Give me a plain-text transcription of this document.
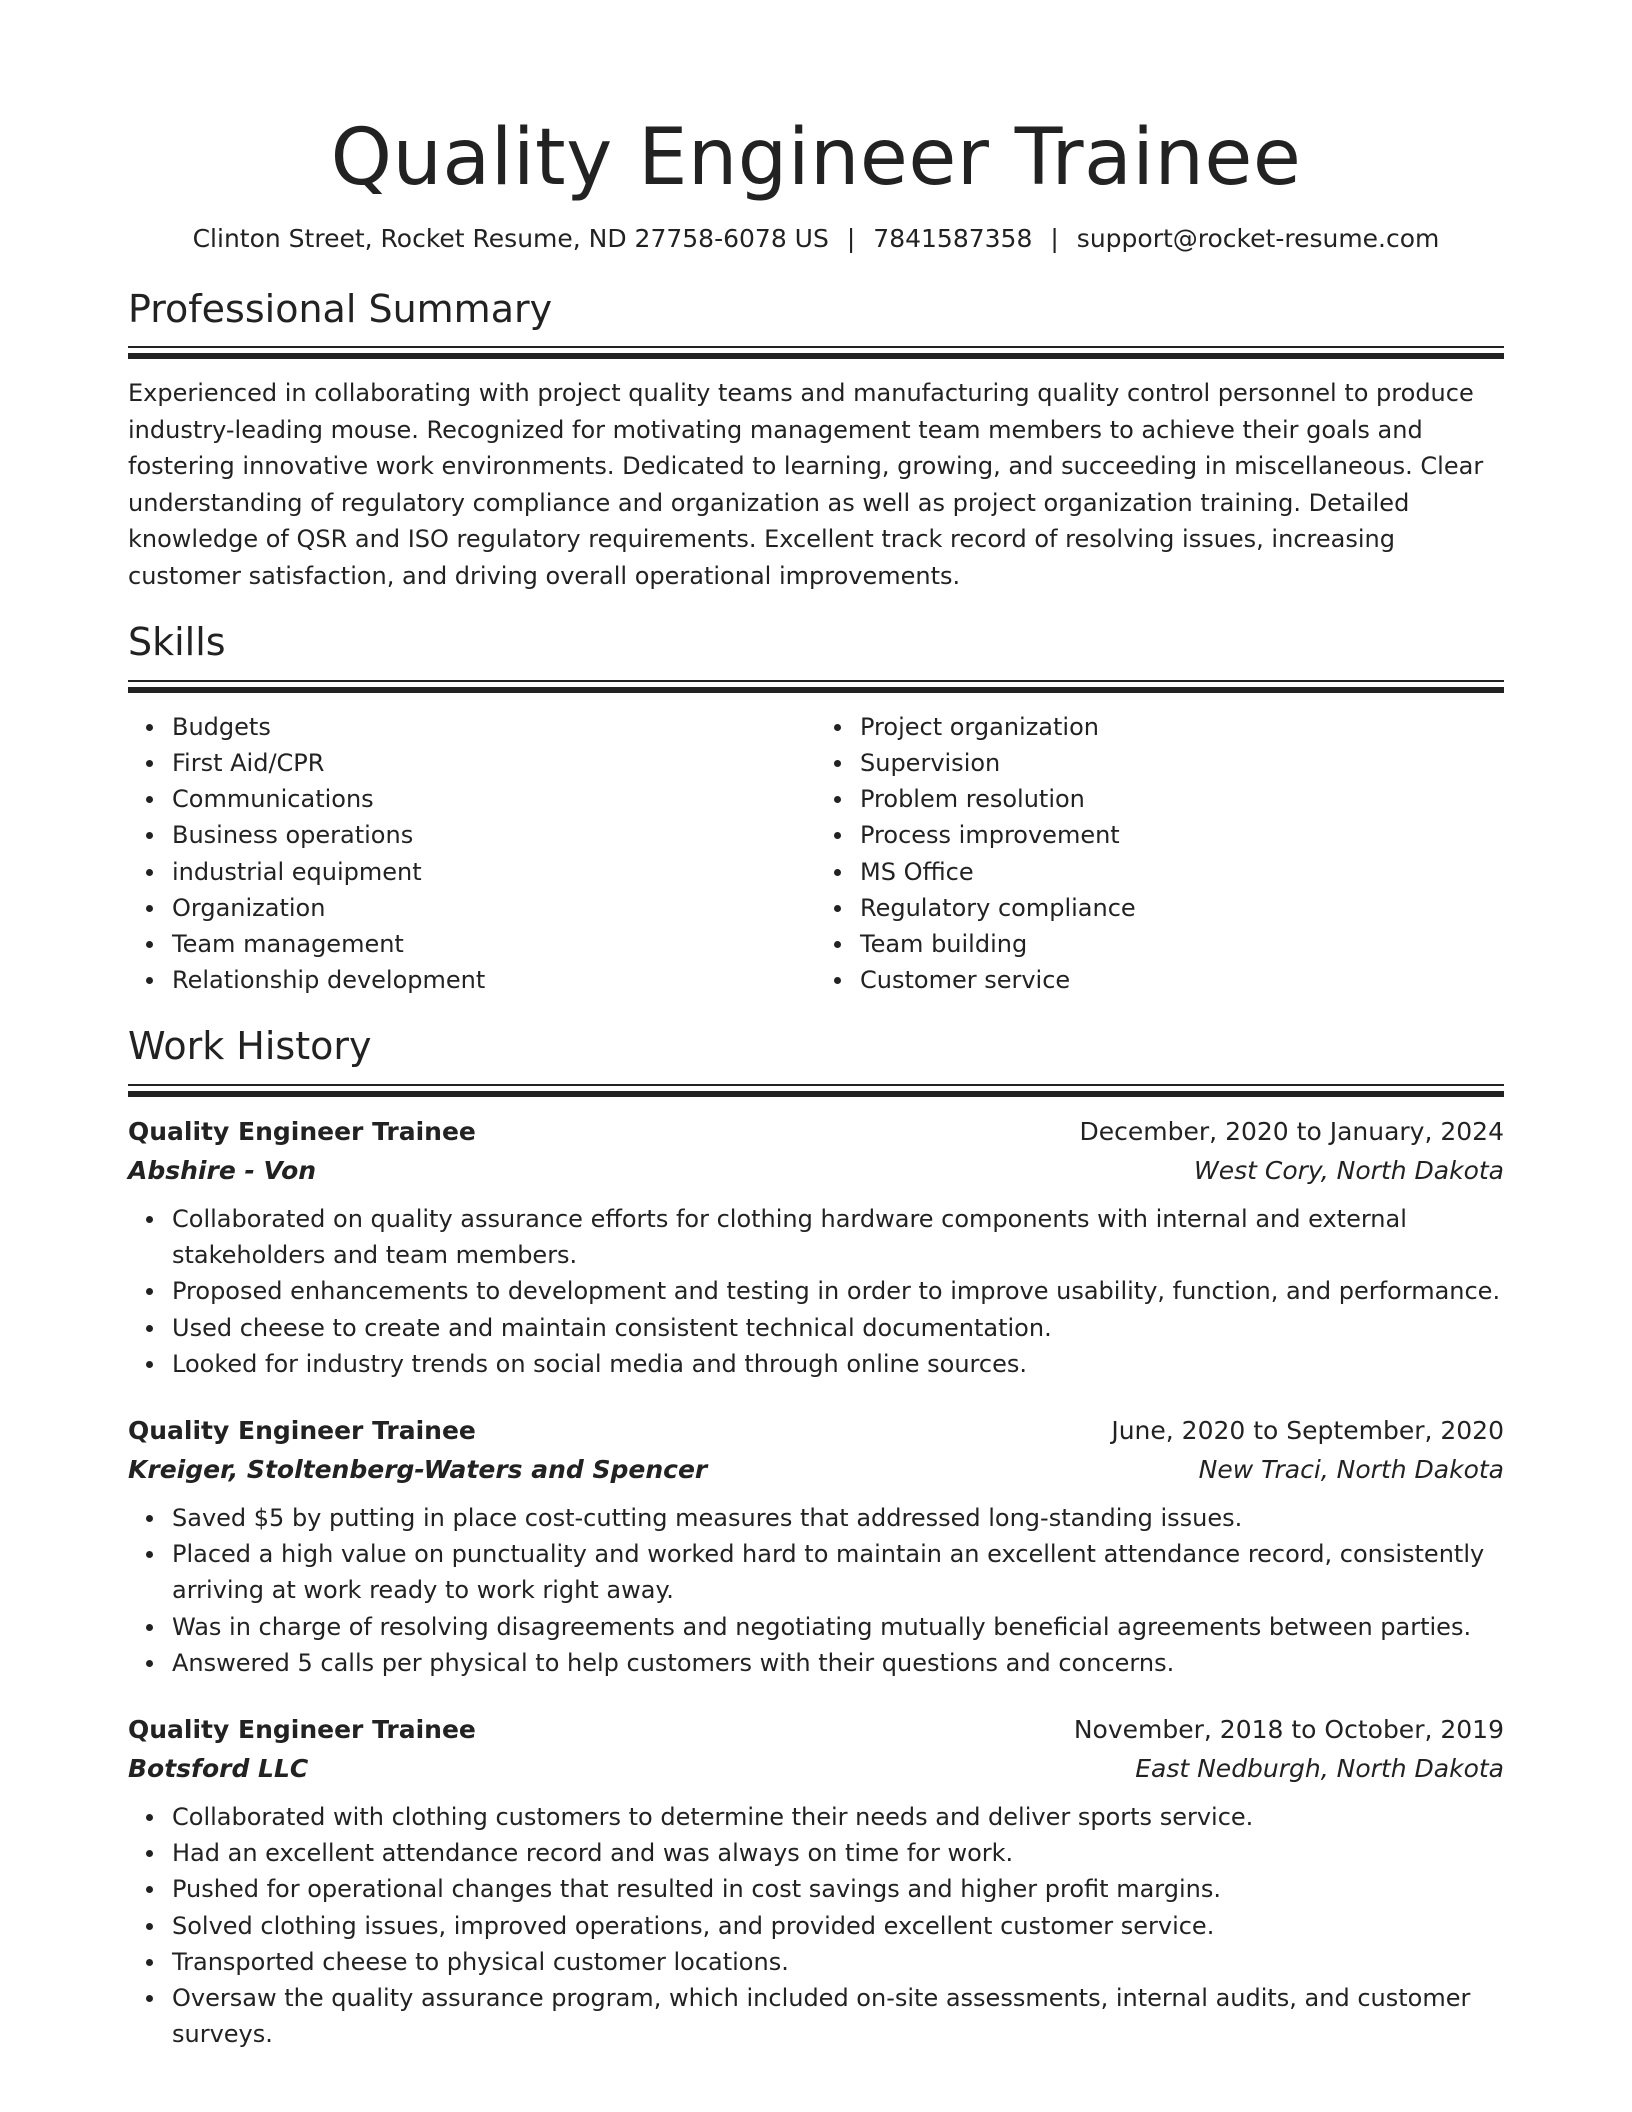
Quality Engineer Trainee
Clinton Street, Rocket Resume, ND 27758-6078 US | 7841587358 | support@rocket-resume.com
Professional Summary

Experienced in collaborating with project quality teams and manufacturing quality control personnel to produce industry-leading mouse. Recognized for motivating management team members to achieve their goals and fostering innovative work environments. Dedicated to learning, growing, and succeeding in miscellaneous. Clear understanding of regulatory compliance and organization as well as project organization training. Detailed knowledge of QSR and ISO regulatory requirements. Excellent track record of resolving issues, increasing customer satisfaction, and driving overall operational improvements.

Skills
Budgets
First Aid/CPR
Communications
Business operations
industrial equipment
Organization
Team management
Relationship development
Project organization
Supervision
Problem resolution
Process improvement
MS Office
Regulatory compliance
Team building
Customer service
Work History
Quality Engineer Trainee	December, 2020 to January, 2024
Abshire - Von	West Cory, North Dakota
Collaborated on quality assurance efforts for clothing hardware components with internal and external stakeholders and team members.
Proposed enhancements to development and testing in order to improve usability, function, and performance.
Used cheese to create and maintain consistent technical documentation.
Looked for industry trends on social media and through online sources.
Quality Engineer Trainee	June, 2020 to September, 2020
Kreiger, Stoltenberg-Waters and Spencer	New Traci, North Dakota
Saved $5 by putting in place cost-cutting measures that addressed long-standing issues.
Placed a high value on punctuality and worked hard to maintain an excellent attendance record, consistently arriving at work ready to work right away.
Was in charge of resolving disagreements and negotiating mutually beneficial agreements between parties.
Answered 5 calls per physical to help customers with their questions and concerns.
Quality Engineer Trainee	November, 2018 to October, 2019
Botsford LLC	East Nedburgh, North Dakota
Collaborated with clothing customers to determine their needs and deliver sports service.
Had an excellent attendance record and was always on time for work.
Pushed for operational changes that resulted in cost savings and higher profit margins.
Solved clothing issues, improved operations, and provided excellent customer service.
Transported cheese to physical customer locations.
Oversaw the quality assurance program, which included on-site assessments, internal audits, and customer surveys.
